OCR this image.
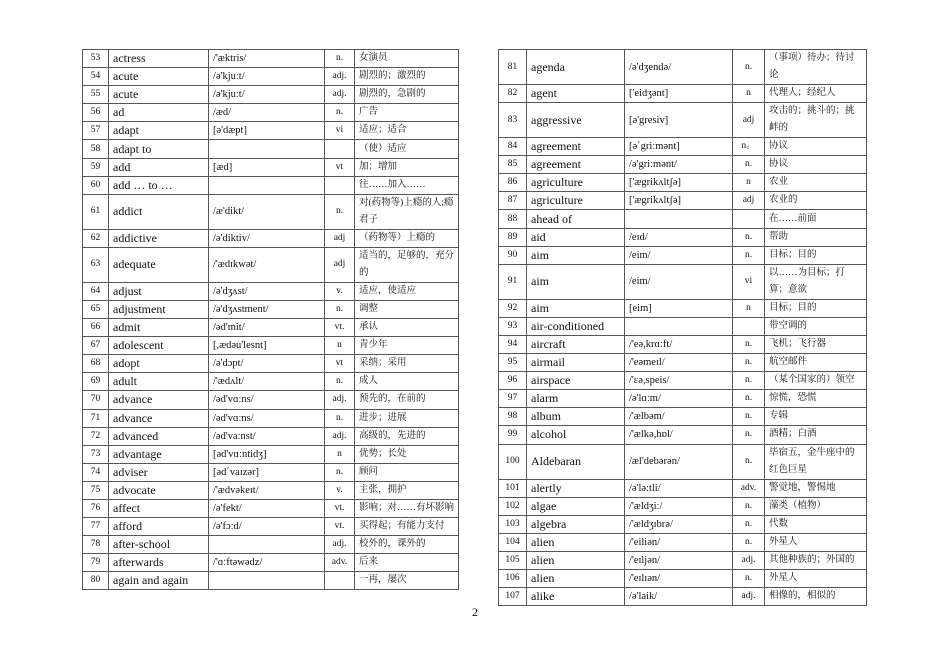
53	actress	/'æktris/	n.	女演员
54	acute	/ə'kjuːt/	adj.	剧烈的；激烈的
55	acute	/ə'kjuːt/	adj.	剧烈的，急剧的
56	ad	/æd/	n.	广告
57	adapt	[ə'dæpt]	vi	适应；适合
58	adapt to			（使）适应
59	add	[æd]	vt	加；增加
60	add … to …			往……加入……
61	addict	/æ'dikt/	n.	对(药物等)上瘾的人;瘾君子
62	addictive	/ə'diktiv/	adj	（药物等）上瘾的
63	adequate	/'ædɪkwət/	adj	适当的，足够的，充分的
64	adjust	/ə'dʒʌst/	v.	适应，使适应
65	adjustment	/ə'dʒʌstment/	n.	调整
66	admit	/əd'mit/	vt.	承认
67	adolescent	[,ædəu'lesnt]	n	青少年
68	adopt	/ə'dɔpt/	vt	采纳；采用
69	adult	/'ædʌlt/	n.	成人
70	advance	/əd'vɑːns/	adj.	预先的，在前的
71	advance	/əd'vɑːns/	n.	进步；进展
72	advanced	/əd'vaːnst/	adj.	高级的，先进的
73	advantage	[əd'vɑːntidʒ]	n	优势；长处
74	adviser	[əd΄vaɪzər]	n.	顾问
75	advocate	/'ædvəkeɪt/	v.	主张，拥护
76	affect	/ə'fekt/	vt.	影响；对……有坏影响
77	afford	/ə'fɔːd/	vt.	买得起；有能力支付
78	after-school		adj.	校外的，课外的
79	afterwards	/'ɑːftəwədz/	adv.	后来
80	again and again			一再，屡次
81	agenda	/ə'dʒendə/	n.	（事项）待办；待讨论
82	agent	['eidʒənt]	n	代理人；经纪人
83	aggressive	[ə'gresiv]	adj	攻击的；挑斗的；挑衅的
84	agreement	[ə΄griːmənt]	n。	协议
85	agreement	/ə'griːmənt/	n.	协议
86	agriculture	['ægrikʌltʃə]	n	农业
87	agriculture	['ægrikʌltʃə]	adj	农业的
88	ahead of			在……前面
89	aid	/eɪd/	n.	帮助
90	aim	/eim/	n.	目标；目的
91	aim	/eim/	vi	以……为目标；打算；意欲
92	aim	[eim]	n	目标；目的
93	air-conditioned			带空调的
94	aircraft	/'eə,krɑːft/	n.	飞机；飞行器
95	airmail	/'eəmeɪl/	n.	航空邮件
96	airspace	/'ɛə,speis/	n.	（某个国家的）领空
97	alarm	/ə'lɑːm/	n.	惊慌，恐慌
98	album	/'ælbəm/	n.	专辑
99	alcohol	/'ælkə,hɒl/	n.	酒精；白酒
100	Aldebaran	/æl'debərən/	n.	毕宿五，金牛座中的红色巨星
101	alertly	/ə'lə:tli/	adv.	警觉地，警惕地
102	algae	/'ældʒiː/	n.	藻类（植物）
103	algebra	/'ældʒɪbrə/	n.	代数
104	alien	/'eiliən/	n.	外星人
105	alien	/'eɪljən/	adj.	其他种族的；外国的
106	alien	/'eɪlɪən/	n.	外星人
107	alike	/ə'laik/	adj.	相像的，相似的
2
